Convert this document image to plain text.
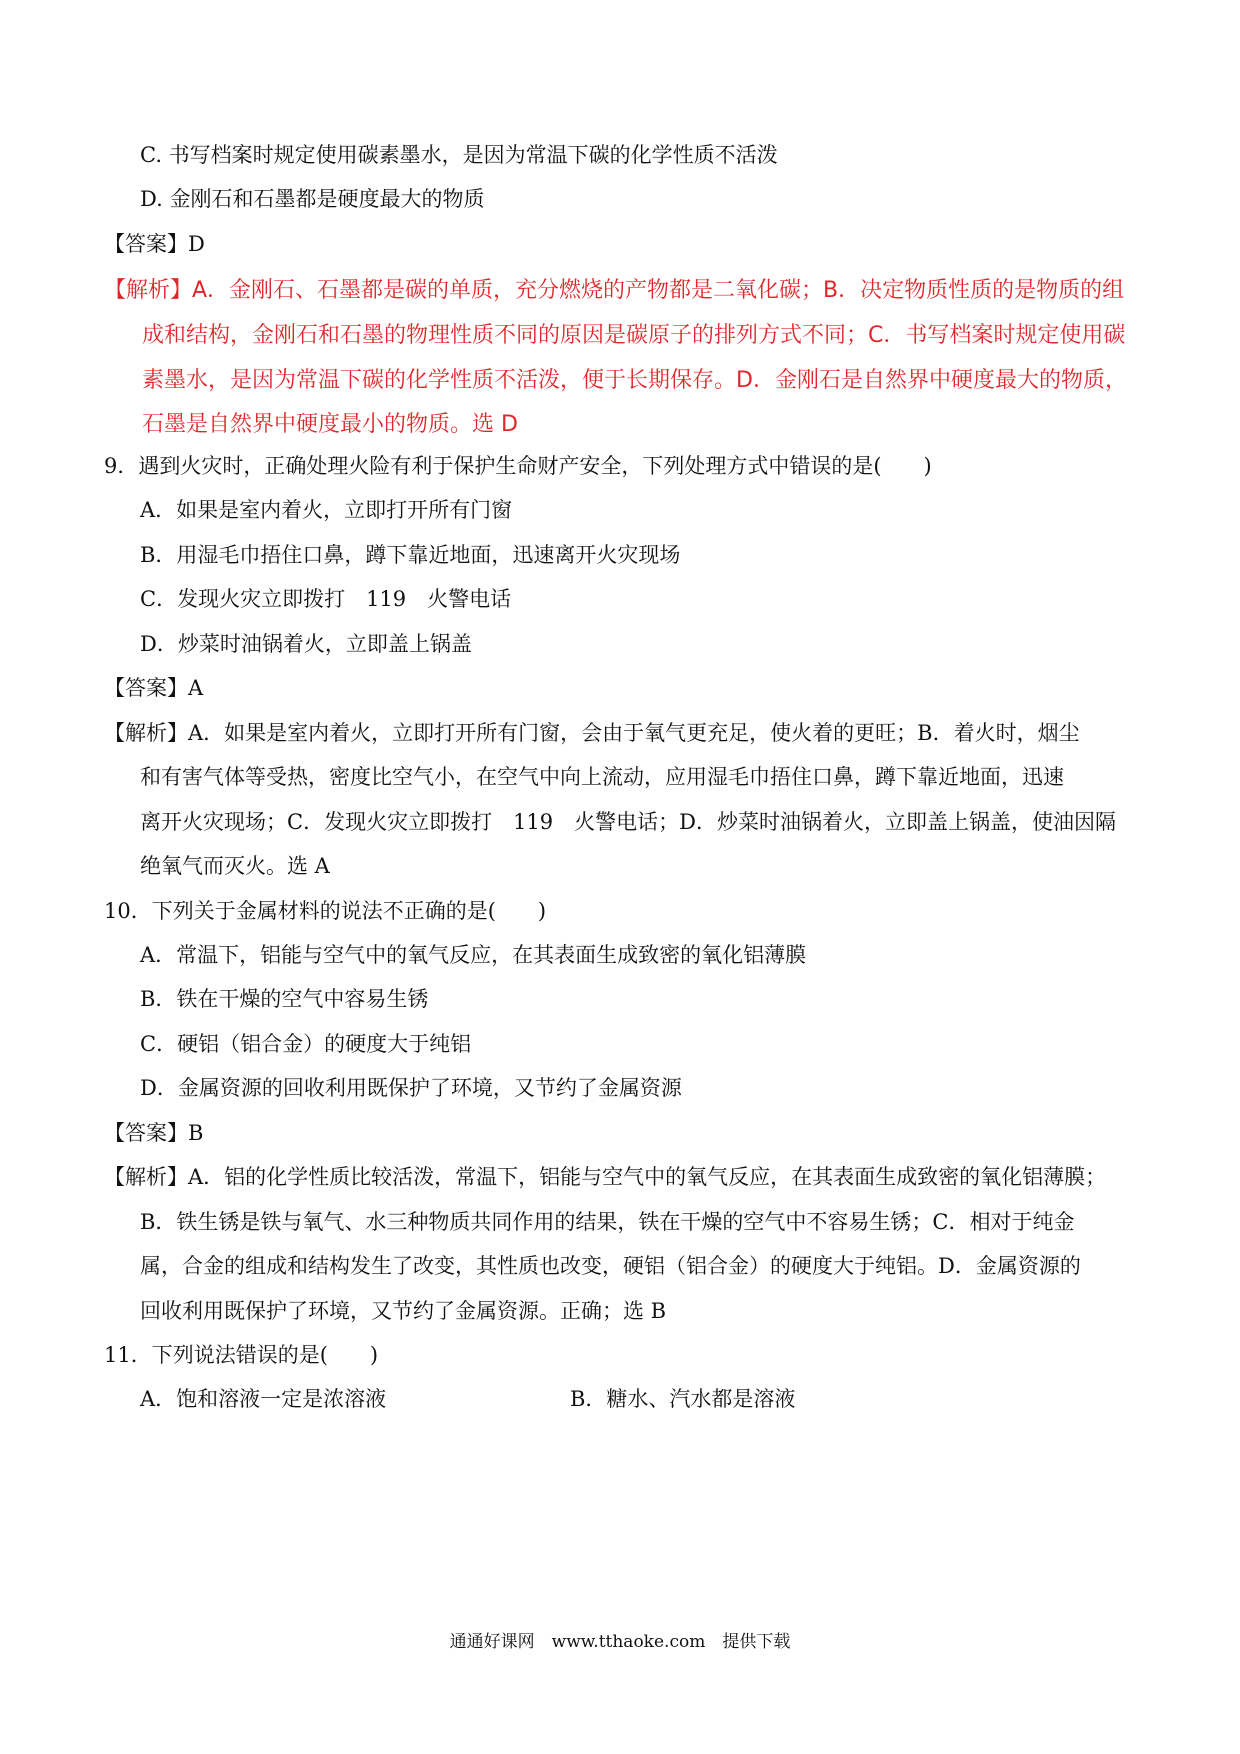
C. 书写档案时规定使用碳素墨水，是因为常温下碳的化学性质不活泼
D. 金刚石和石墨都是硬度最大的物质
【答案】D
【解析】A．金刚石、石墨都是碳的单质，充分燃烧的产物都是二氧化碳；B．决定物质性质的是物质的组
成和结构，金刚石和石墨的物理性质不同的原因是碳原子的排列方式不同；C．书写档案时规定使用碳
素墨水，是因为常温下碳的化学性质不活泼，便于长期保存。D．金刚石是自然界中硬度最大的物质，
石墨是自然界中硬度最小的物质。选 D
9．遇到火灾时，正确处理火险有利于保护生命财产安全，下列处理方式中错误的是(　　)
A．如果是室内着火，立即打开所有门窗
B．用湿毛巾捂住口鼻，蹲下靠近地面，迅速离开火灾现场
C．发现火灾立即拨打　119　火警电话
D．炒菜时油锅着火，立即盖上锅盖
【答案】A
【解析】A．如果是室内着火，立即打开所有门窗，会由于氧气更充足，使火着的更旺；B．着火时，烟尘
和有害气体等受热，密度比空气小，在空气中向上流动，应用湿毛巾捂住口鼻，蹲下靠近地面，迅速
离开火灾现场；C．发现火灾立即拨打　119　火警电话；D．炒菜时油锅着火，立即盖上锅盖，使油因隔
绝氧气而灭火。选 A
10．下列关于金属材料的说法不正确的是(　　)
A．常温下，铝能与空气中的氧气反应，在其表面生成致密的氧化铝薄膜
B．铁在干燥的空气中容易生锈
C．硬铝（铝合金）的硬度大于纯铝
D．金属资源的回收利用既保护了环境，又节约了金属资源
【答案】B
【解析】A．铝的化学性质比较活泼，常温下，铝能与空气中的氧气反应，在其表面生成致密的氧化铝薄膜；
B．铁生锈是铁与氧气、水三种物质共同作用的结果，铁在干燥的空气中不容易生锈；C．相对于纯金
属，合金的组成和结构发生了改变，其性质也改变，硬铝（铝合金）的硬度大于纯铝。D．金属资源的
回收利用既保护了环境，又节约了金属资源。正确；选 B
11．下列说法错误的是(　　)
A．饱和溶液一定是浓溶液	B．糖水、汽水都是溶液
通通好课网　www.tthaoke.com　提供下载
